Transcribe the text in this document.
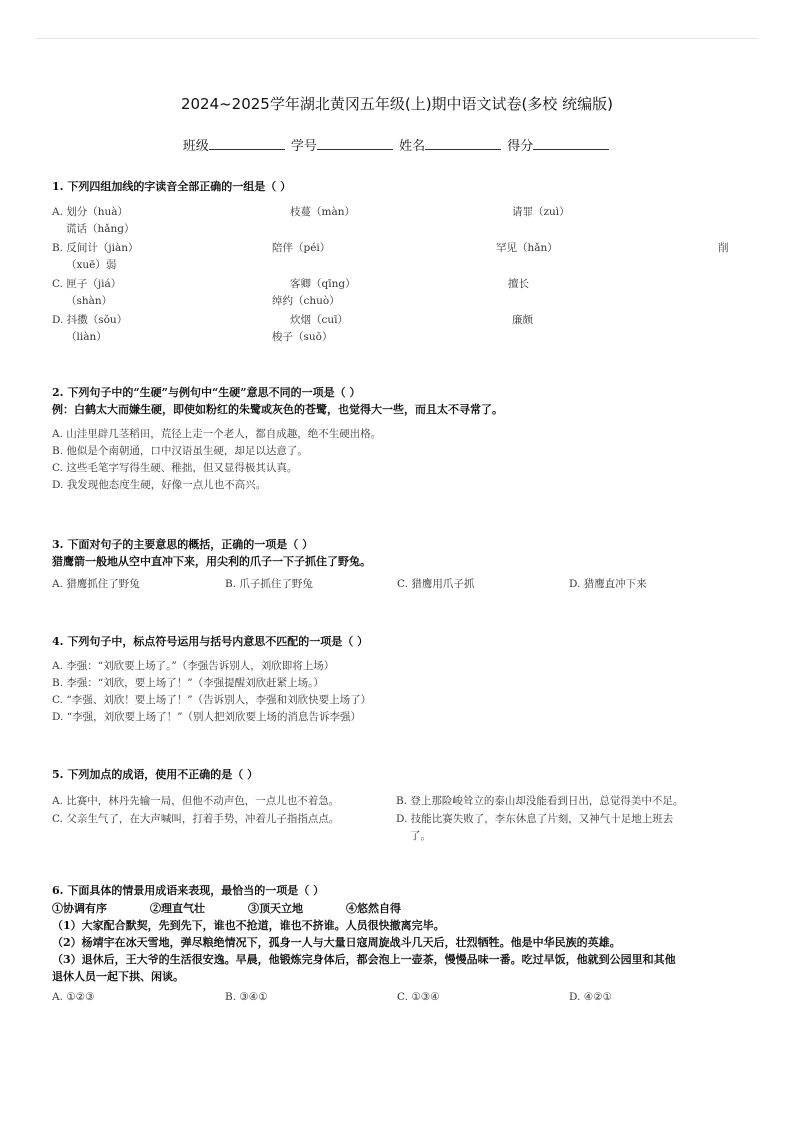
2024~2025学年湖北黄冈五年级(上)期中语文试卷(多校 统编版)
班级	学号	姓名	得分

1. 下列四组加线的字读音全部正确的一组是（ ）

A. 划分（huà）	枝蔓（màn）	请罪（zuì）
谎话（hǎng）
B. 反间计（jiàn）	陪伴（péi）	罕见（hǎn）	削
（xuē）弱
C. 匣子（jiá）	客卿（qīng）	擅长
（shàn）	绰约（chuò）
D. 抖擞（sǒu）	炊烟（cuī）	廉颇
（liàn）	梭子（suō）

2. 下列句子中的“生硬”与例句中“生硬”意思不同的一项是（ ）

例：白鹤太大而嫌生硬，即使如粉红的朱鹭或灰色的苍鹭，也觉得大一些，而且太不寻常了。

A. 山洼里辟几茎稻田，荒径上走一个老人，都自成趣，绝不生硬出格。

B. 他似是个南朝通，口中汉语虽生硬，却足以达意了。

C. 这些毛笔字写得生硬、稚拙，但又显得极其认真。

D. 我发现他态度生硬，好像一点儿也不高兴。

3. 下面对句子的主要意思的概括，正确的一项是（ ）

猎鹰箭一般地从空中直冲下来，用尖利的爪子一下子抓住了野兔。

A. 猎鹰抓住了野兔	B. 爪子抓住了野兔	C. 猎鹰用爪子抓	D. 猎鹰直冲下来

4. 下列句子中，标点符号运用与括号内意思不匹配的一项是（ ）

A. 李强：“刘欣要上场了。”（李强告诉别人，刘欣即将上场）

B. 李强：“刘欣，要上场了！”（李强提醒刘欣赶紧上场。）

C. “李强、刘欣！要上场了！”（告诉别人，李强和刘欣快要上场了）

D. “李强，刘欣要上场了！”（别人把刘欣要上场的消息告诉李强）

5. 下列加点的成语，使用不正确的是（ ）

A. 比赛中，林丹先输一局，但他不动声色，一点儿也不着急。	B. 登上那险峻耸立的泰山却没能看到日出，总觉得美中不足。
C. 父亲生气了，在大声喊叫，打着手势，冲着儿子指指点点。	D. 技能比赛失败了，李东休息了片刻，又神气十足地上班去
了。

6. 下面具体的情景用成语来表现，最恰当的一项是（ ）

①协调有序	②理直气壮	③顶天立地	④悠然自得

（1）大家配合默契，先到先下，谁也不抢道，谁也不挤谁。人员很快撤离完毕。

（2）杨靖宇在冰天雪地，弹尽粮绝情况下，孤身一人与大量日寇周旋战斗几天后，壮烈牺牲。他是中华民族的英雄。

（3）退休后，王大爷的生活很安逸。早晨，他锻炼完身体后，都会泡上一壶茶，慢慢品味一番。吃过早饭，他就到公园里和其他

退休人员一起下拱、闲谈。

A. ①②③	B. ③④①	C. ①③④	D. ④②①
